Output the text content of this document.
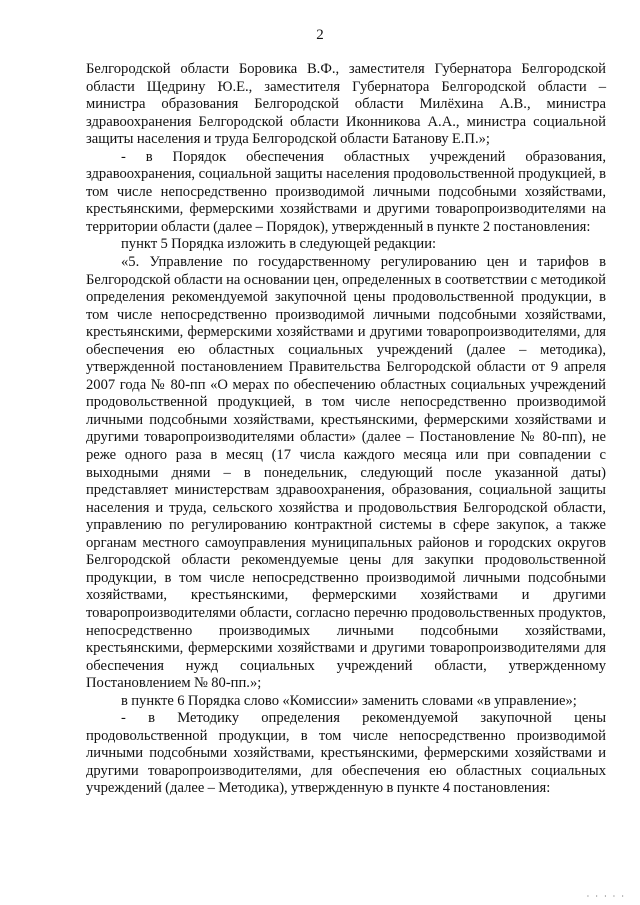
2

Белгородской области Боровика В.Ф., заместителя Губернатора Белгородской области Щедрину Ю.Е., заместителя Губернатора Белгородской области – министра образования Белгородской области Милёхина А.В., министра здравоохранения Белгородской области Иконникова А.А., министра социальной защиты населения и труда Белгородской области Батанову Е.П.»;

- в Порядок обеспечения областных учреждений образования, здравоохранения, социальной защиты населения продовольственной продукцией, в том числе непосредственно производимой личными подсобными хозяйствами, крестьянскими, фермерскими хозяйствами и другими товаропроизводителями на территории области (далее – Порядок), утвержденный в пункте 2 постановления:

пункт 5 Порядка изложить в следующей редакции:

«5. Управление по государственному регулированию цен и тарифов в Белгородской области на основании цен, определенных в соответствии с методикой определения рекомендуемой закупочной цены продовольственной продукции, в том числе непосредственно производимой личными подсобными хозяйствами, крестьянскими, фермерскими хозяйствами и другими товаропроизводителями, для обеспечения ею областных социальных учреждений (далее – методика), утвержденной постановлением Правительства Белгородской области от 9 апреля 2007 года № 80-пп «О мерах по обеспечению областных социальных учреждений продовольственной продукцией, в том числе непосредственно производимой личными подсобными хозяйствами, крестьянскими, фермерскими хозяйствами и другими товаропроизводителями области» (далее – Постановление № 80-пп), не реже одного раза в месяц (17 числа каждого месяца или при совпадении с выходными днями – в понедельник, следующий после указанной даты) представляет министерствам здравоохранения, образования, социальной защиты населения и труда, сельского хозяйства и продовольствия Белгородской области, управлению по регулированию контрактной системы в сфере закупок, а также органам местного самоуправления муниципальных районов и городских округов Белгородской области рекомендуемые цены для закупки продовольственной продукции, в том числе непосредственно производимой личными подсобными хозяйствами, крестьянскими, фермерскими хозяйствами и другими товаропроизводителями области, согласно перечню продовольственных продуктов, непосредственно производимых личными подсобными хозяйствами, крестьянскими, фермерскими хозяйствами и другими товаропроизводителями для обеспечения нужд социальных учреждений области, утвержденному Постановлением № 80-пп.»;

в пункте 6 Порядка слово «Комиссии» заменить словами «в управление»;

- в Методику определения рекомендуемой закупочной цены продовольственной продукции, в том числе непосредственно производимой личными подсобными хозяйствами, крестьянскими, фермерскими хозяйствами и другими товаропроизводителями, для обеспечения ею областных социальных учреждений (далее – Методика), утвержденную в пункте 4 постановления:

· · · · ·
